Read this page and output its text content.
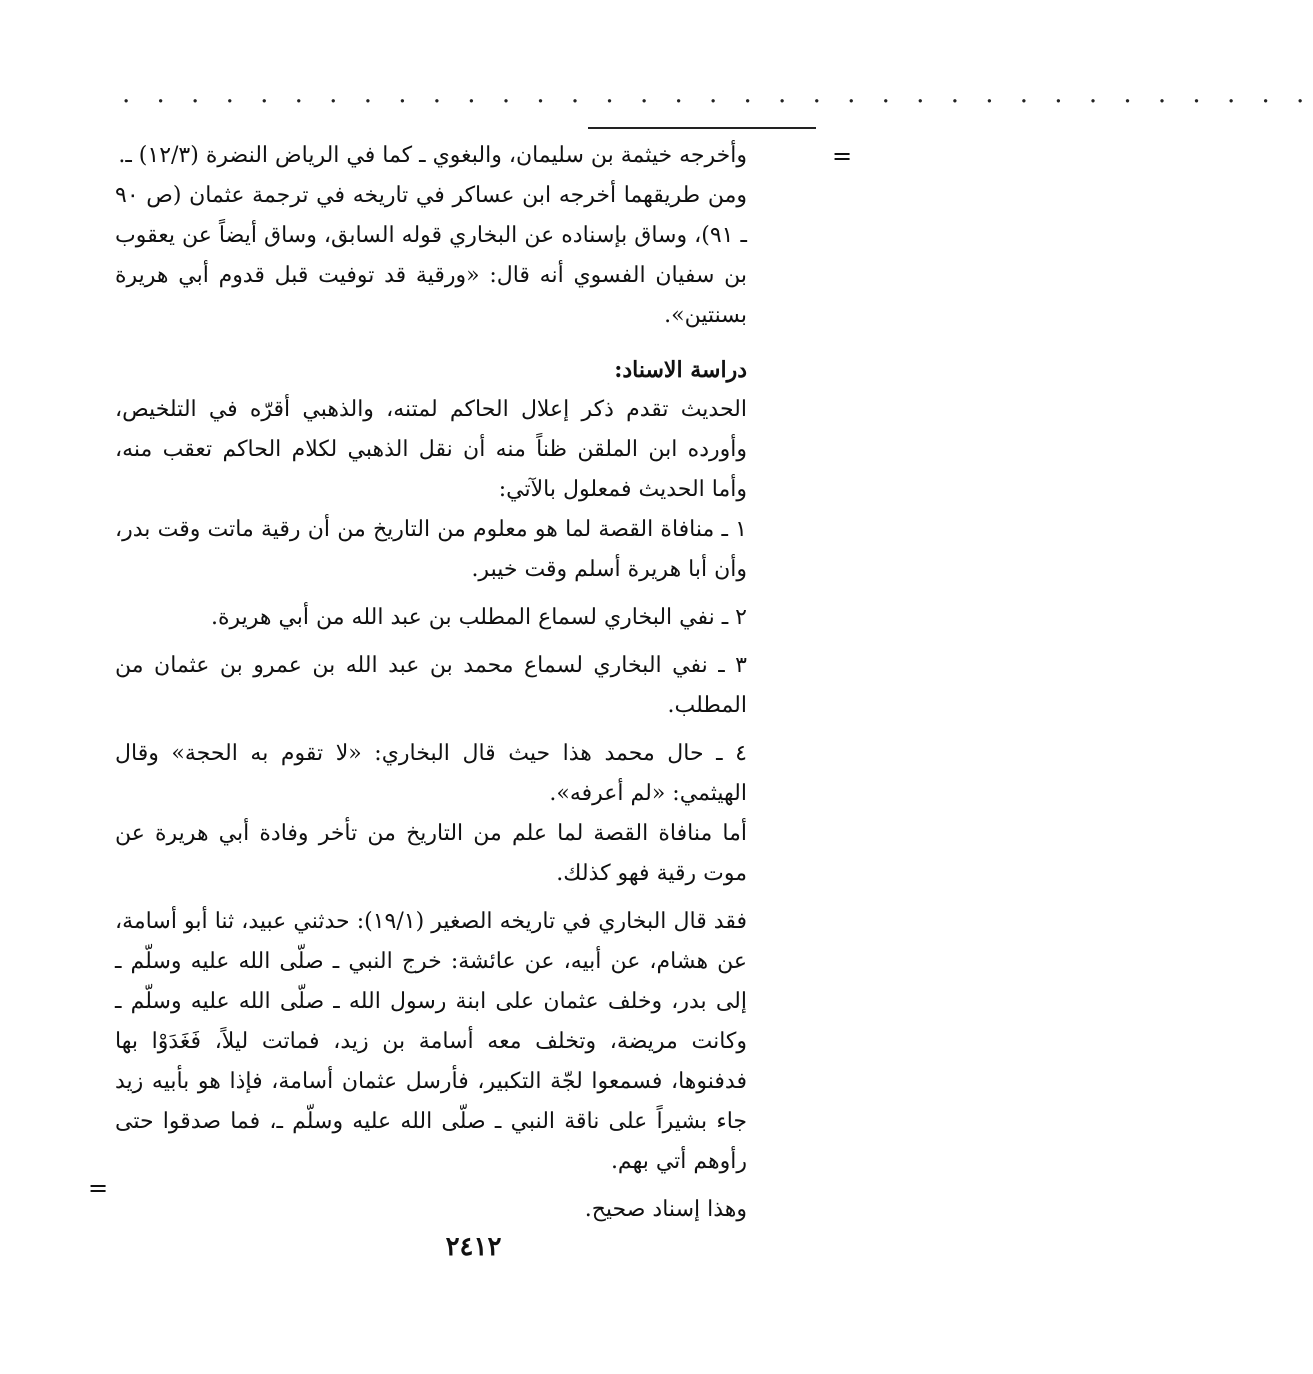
. . . . . . . . . . . . . . . . . . . . . . . . . . . . . . . . . . .
=
=

وأخرجه خيثمة بن سليمان، والبغوي ـ كما في الرياض النضرة (١٢/٣) ـ.

ومن طريقهما أخرجه ابن عساكر في تاريخه في ترجمة عثمان (ص ٩٠ ـ ٩١)، وساق بإسناده عن البخاري قوله السابق، وساق أيضاً عن يعقوب بن سفيان الفسوي أنه قال: «ورقية قد توفيت قبل قدوم أبي هريرة بسنتين».

دراسة الاسناد:

الحديث تقدم ذكر إعلال الحاكم لمتنه، والذهبي أقرّه في التلخيص، وأورده ابن الملقن ظناً منه أن نقل الذهبي لكلام الحاكم تعقب منه، وأما الحديث فمعلول بالآتي:

١ ـ منافاة القصة لما هو معلوم من التاريخ من أن رقية ماتت وقت بدر، وأن أبا هريرة أسلم وقت خيبر.

٢ ـ نفي البخاري لسماع المطلب بن عبد الله من أبي هريرة.

٣ ـ نفي البخاري لسماع محمد بن عبد الله بن عمرو بن عثمان من المطلب.

٤ ـ حال محمد هذا حيث قال البخاري: «لا تقوم به الحجة» وقال الهيثمي: «لم أعرفه».

أما منافاة القصة لما علم من التاريخ من تأخر وفادة أبي هريرة عن موت رقية فهو كذلك.

فقد قال البخاري في تاريخه الصغير (١٩/١): حدثني عبيد، ثنا أبو أسامة، عن هشام، عن أبيه، عن عائشة: خرج النبي ـ صلّى الله عليه وسلّم ـ إلى بدر، وخلف عثمان على ابنة رسول الله ـ صلّى الله عليه وسلّم ـ وكانت مريضة، وتخلف معه أسامة بن زيد، فماتت ليلاً، فَغَدَوْا بها فدفنوها، فسمعوا لجّة التكبير، فأرسل عثمان أسامة، فإذا هو بأبيه زيد جاء بشيراً على ناقة النبي ـ صلّى الله عليه وسلّم ـ، فما صدقوا حتى رأوهم أتي بهم.

وهذا إسناد صحيح.

٢٤١٢
